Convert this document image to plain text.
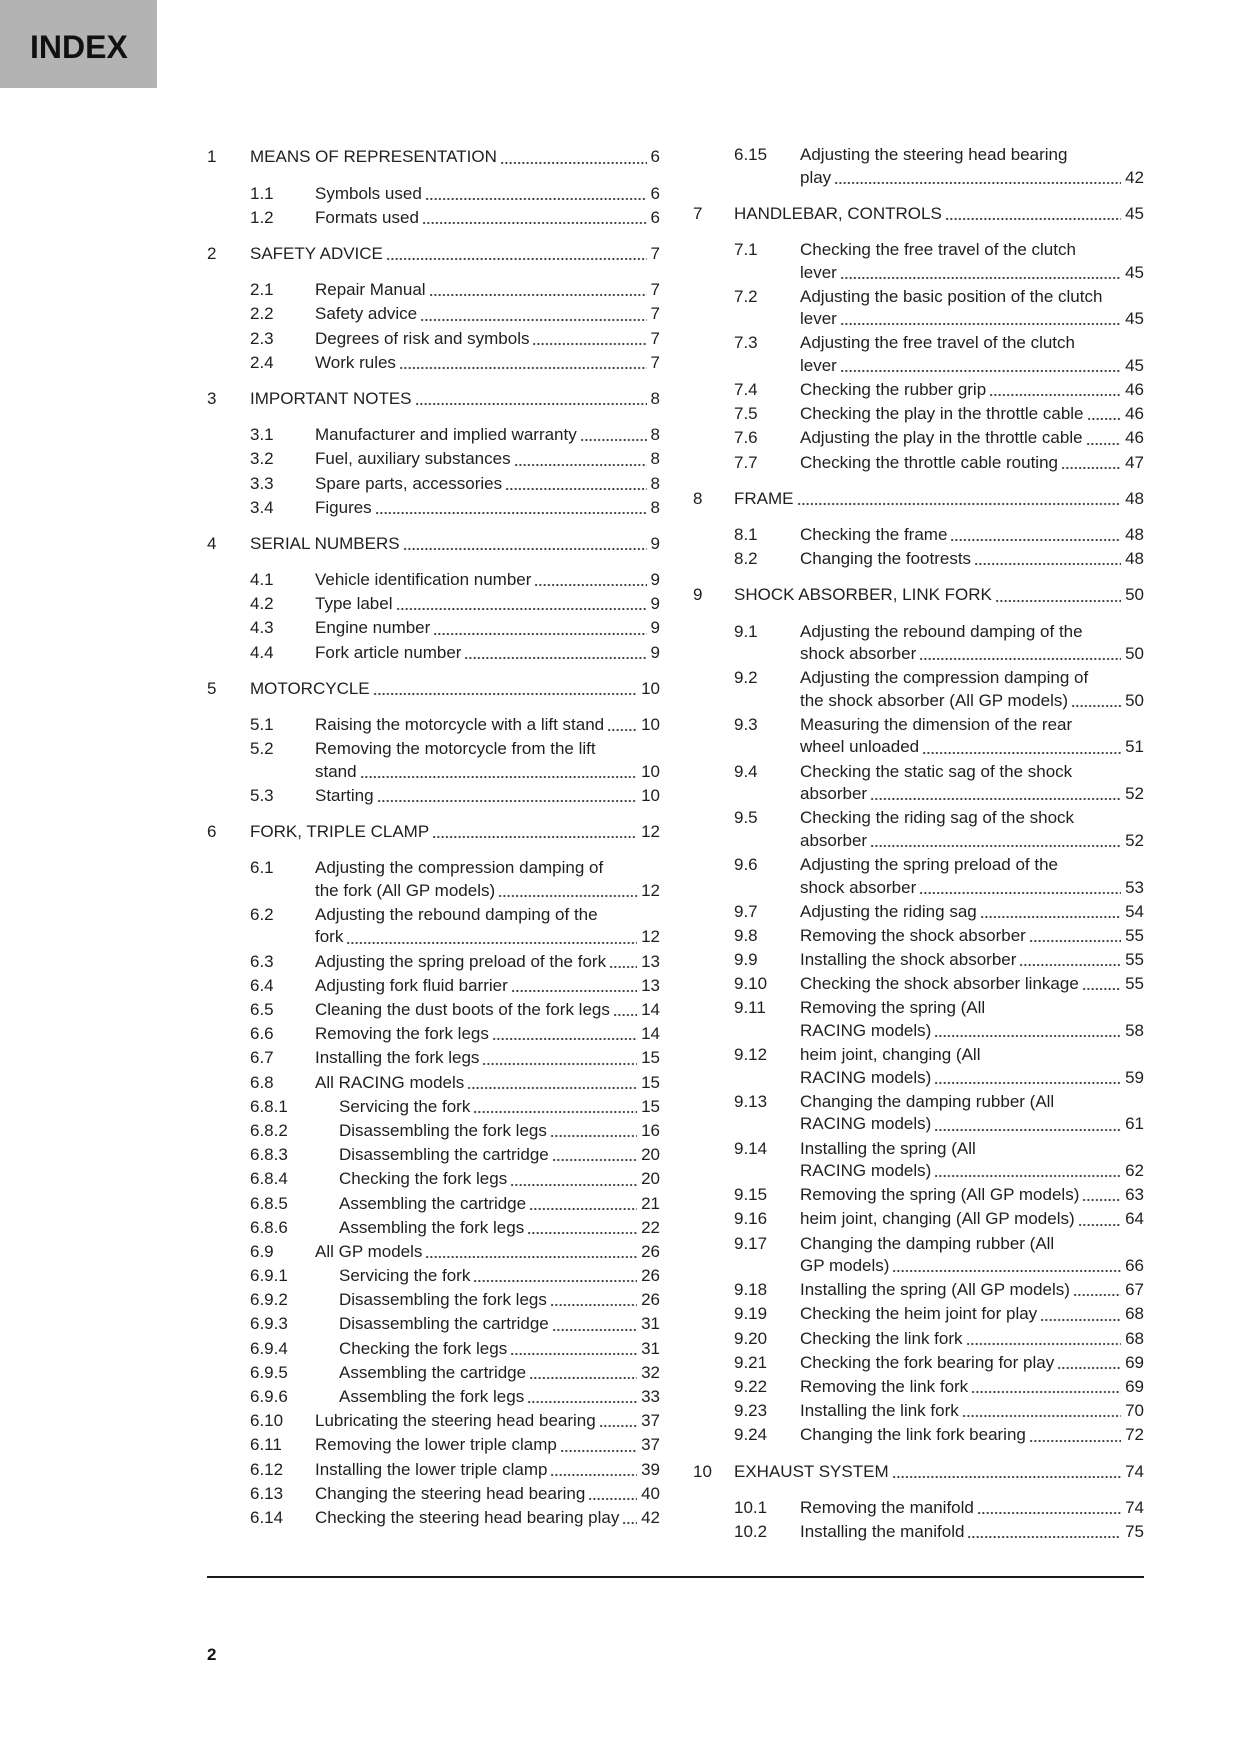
INDEX
1 MEANS OF REPRESENTATION	6
1.1 Symbols used	6
1.2 Formats used	6
2 SAFETY ADVICE	7
2.1 Repair Manual	7
2.2 Safety advice	7
2.3 Degrees of risk and symbols	7
2.4 Work rules	7
3 IMPORTANT NOTES	8
3.1 Manufacturer and implied warranty	8
3.2 Fuel, auxiliary substances	8
3.3 Spare parts, accessories	8
3.4 Figures	8
4 SERIAL NUMBERS	9
4.1 Vehicle identification number	9
4.2 Type label	9
4.3 Engine number	9
4.4 Fork article number	9
5 MOTORCYCLE	10
5.1 Raising the motorcycle with a lift stand 10
5.2 Removing the motorcycle from the lift
stand	10
5.3 Starting	10
6 FORK, TRIPLE CLAMP	12
6.1 Adjusting the compression damping of
the fork (All GP models)	12
6.2 Adjusting the rebound damping of the
fork	12
6.3 Adjusting the spring preload of the fork 13
6.4 Adjusting fork fluid barrier	13
6.5 Cleaning the dust boots of the fork legs 14
6.6 Removing the fork legs	14
6.7 Installing the fork legs	15
6.8 All RACING models	15
6.8.1	Servicing the fork	15
6.8.2	Disassembling the fork legs	16
6.8.3	Disassembling the cartridge	20
6.8.4	Checking the fork legs	20
6.8.5	Assembling the cartridge	21
6.8.6	Assembling the fork legs	22
6.9 All GP models	26
6.9.1	Servicing the fork	26
6.9.2	Disassembling the fork legs	26
6.9.3	Disassembling the cartridge	31
6.9.4	Checking the fork legs	31
6.9.5	Assembling the cartridge	32
6.9.6	Assembling the fork legs	33
6.10 Lubricating the steering head bearing	37
6.11 Removing the lower triple clamp	37
6.12 Installing the lower triple clamp	39
6.13 Changing the steering head bearing	40
6.14 Checking the steering head bearing play 42
6.15 Adjusting the steering head bearing
play	42
7 HANDLEBAR, CONTROLS	45
7.1 Checking the free travel of the clutch
lever	45
7.2 Adjusting the basic position of the clutch
lever	45
7.3 Adjusting the free travel of the clutch
lever	45
7.4 Checking the rubber grip	46
7.5 Checking the play in the throttle cable 46
7.6 Adjusting the play in the throttle cable	46
7.7 Checking the throttle cable routing	47
8 FRAME	48
8.1 Checking the frame	48
8.2 Changing the footrests	48
9 SHOCK ABSORBER, LINK FORK	50
9.1 Adjusting the rebound damping of the
shock absorber	50
9.2 Adjusting the compression damping of
the shock absorber (All GP models)	50
9.3 Measuring the dimension of the rear
wheel unloaded	51
9.4 Checking the static sag of the shock
absorber	52
9.5 Checking the riding sag of the shock
absorber	52
9.6 Adjusting the spring preload of the
shock absorber	53
9.7 Adjusting the riding sag	54
9.8 Removing the shock absorber	55
9.9 Installing the shock absorber	55
9.10 Checking the shock absorber linkage	55
9.11 Removing the spring (All
RACING models)	58
9.12 heim joint, changing (All
RACING models)	59
9.13 Changing the damping rubber (All
RACING models)	61
9.14 Installing the spring (All
RACING models)	62
9.15 Removing the spring (All GP models)	63
9.16 heim joint, changing (All GP models)	64
9.17 Changing the damping rubber (All
GP models)	66
9.18 Installing the spring (All GP models)	67
9.19 Checking the heim joint for play	68
9.20 Checking the link fork	68
9.21 Checking the fork bearing for play	69
9.22 Removing the link fork	69
9.23 Installing the link fork	70
9.24 Changing the link fork bearing	72
10 EXHAUST SYSTEM	74
10.1 Removing the manifold	74
10.2 Installing the manifold	75
2
